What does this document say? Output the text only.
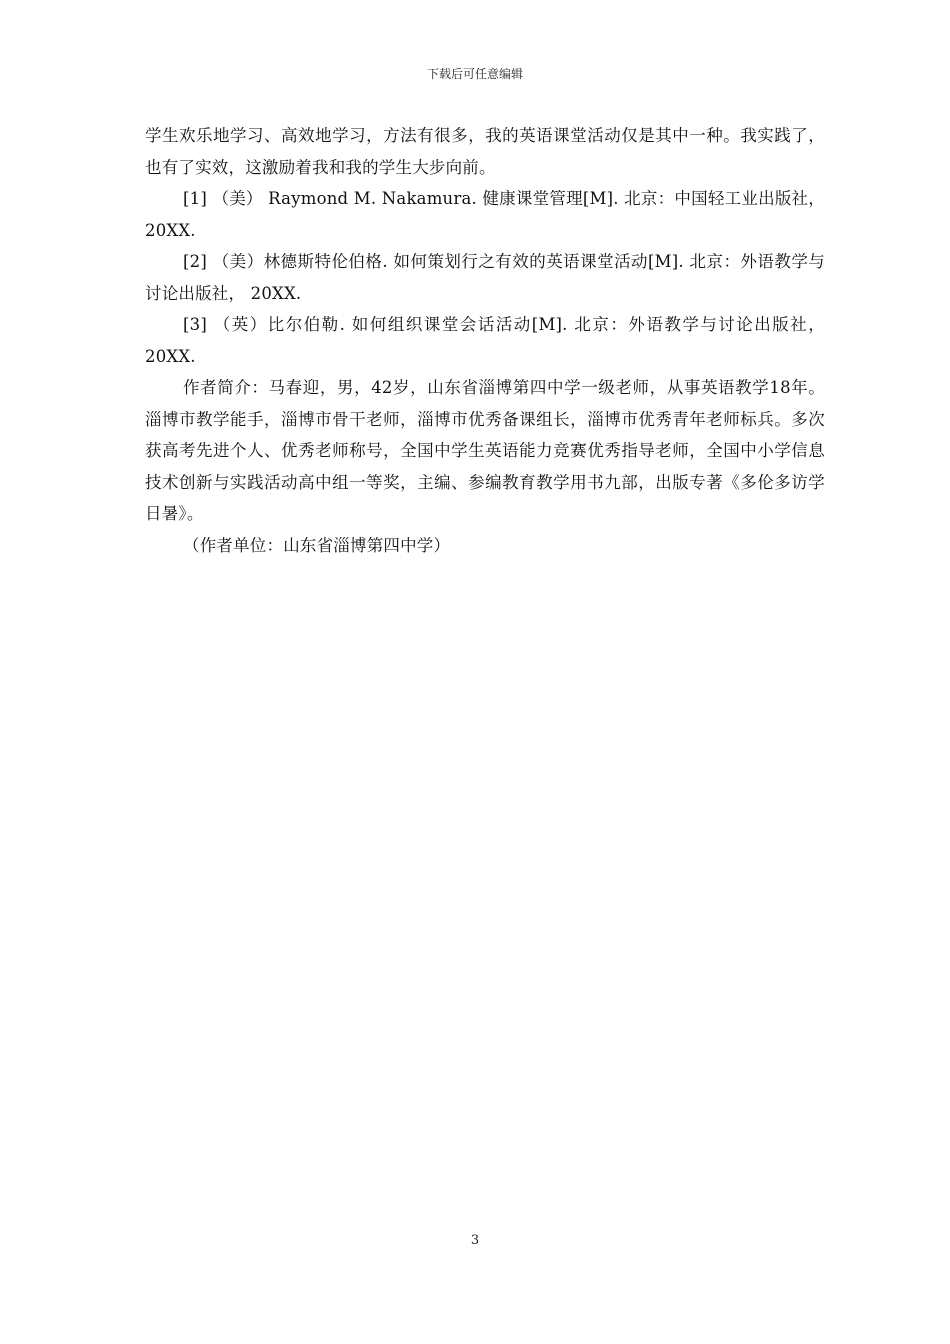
下载后可任意编辑

学生欢乐地学习、高效地学习，方法有很多，我的英语课堂活动仅是其中一种。我实践了，也有了实效，这激励着我和我的学生大步向前。

[1] （美） Raymond M. Nakamura. 健康课堂管理[M]. 北京：中国轻工业出版社， 20XX.

[2] （美）林德斯特伦伯格. 如何策划行之有效的英语课堂活动[M]. 北京：外语教学与讨论出版社， 20XX.

[3] （英）比尔伯勒. 如何组织课堂会话活动[M]. 北京：外语教学与讨论出版社， 20XX.

作者简介：马春迎，男，42岁，山东省淄博第四中学一级老师，从事英语教学18年。淄博市教学能手，淄博市骨干老师，淄博市优秀备课组长，淄博市优秀青年老师标兵。多次获高考先进个人、优秀老师称号，全国中学生英语能力竞赛优秀指导老师，全国中小学信息技术创新与实践活动高中组一等奖，主编、参编教育教学用书九部，出版专著《多伦多访学日暑》。

（作者单位：山东省淄博第四中学）

3
